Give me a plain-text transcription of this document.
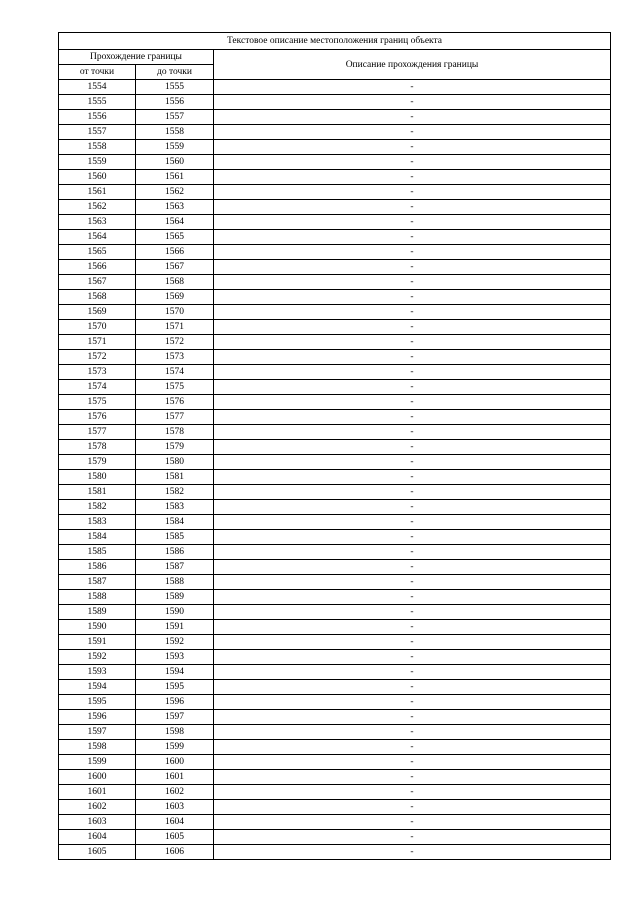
Текстовое описание местоположения границ объекта		
Прохождение границы		Описание прохождения границы
от точки	до точки	
1554	1555	-
1555	1556	-
1556	1557	-
1557	1558	-
1558	1559	-
1559	1560	-
1560	1561	-
1561	1562	-
1562	1563	-
1563	1564	-
1564	1565	-
1565	1566	-
1566	1567	-
1567	1568	-
1568	1569	-
1569	1570	-
1570	1571	-
1571	1572	-
1572	1573	-
1573	1574	-
1574	1575	-
1575	1576	-
1576	1577	-
1577	1578	-
1578	1579	-
1579	1580	-
1580	1581	-
1581	1582	-
1582	1583	-
1583	1584	-
1584	1585	-
1585	1586	-
1586	1587	-
1587	1588	-
1588	1589	-
1589	1590	-
1590	1591	-
1591	1592	-
1592	1593	-
1593	1594	-
1594	1595	-
1595	1596	-
1596	1597	-
1597	1598	-
1598	1599	-
1599	1600	-
1600	1601	-
1601	1602	-
1602	1603	-
1603	1604	-
1604	1605	-
1605	1606	-
